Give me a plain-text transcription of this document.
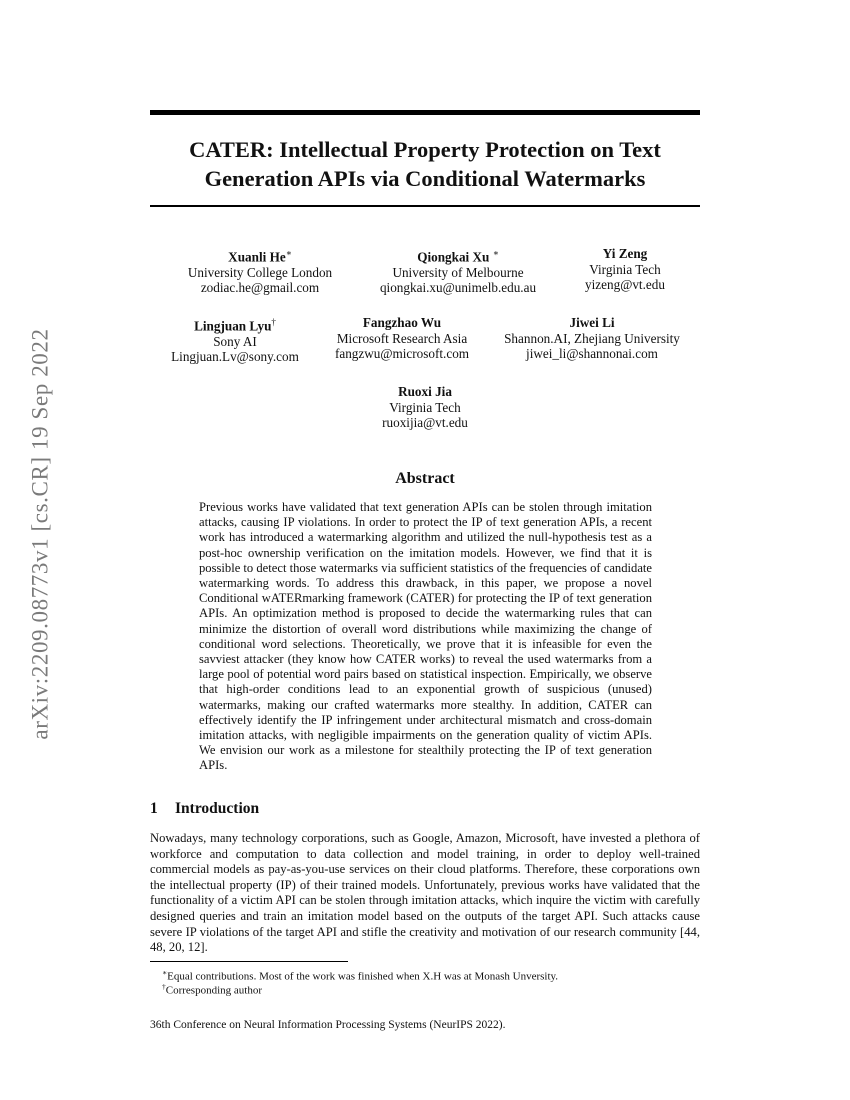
arXiv:2209.08773v1 [cs.CR] 19 Sep 2022
CATER: Intellectual Property Protection on Text Generation APIs via Conditional Watermarks
Xuanli He∗
University College London
zodiac.he@gmail.com
Qiongkai Xu ∗
University of Melbourne
qiongkai.xu@unimelb.edu.au
Yi Zeng
Virginia Tech
yizeng@vt.edu
Lingjuan Lyu†
Sony AI
Lingjuan.Lv@sony.com
Fangzhao Wu
Microsoft Research Asia
fangzwu@microsoft.com
Jiwei Li
Shannon.AI, Zhejiang University
jiwei_li@shannonai.com
Ruoxi Jia
Virginia Tech
ruoxijia@vt.edu
Abstract

Previous works have validated that text generation APIs can be stolen through imitation attacks, causing IP violations. In order to protect the IP of text generation APIs, a recent work has introduced a watermarking algorithm and utilized the null-hypothesis test as a post-hoc ownership verification on the imitation models. However, we find that it is possible to detect those watermarks via sufficient statistics of the frequencies of candidate watermarking words. To address this drawback, in this paper, we propose a novel Conditional wATERmarking framework (CATER) for protecting the IP of text generation APIs. An optimization method is proposed to decide the watermarking rules that can minimize the distortion of overall word distributions while maximizing the change of conditional word selections. Theoretically, we prove that it is infeasible for even the savviest attacker (they know how CATER works) to reveal the used watermarks from a large pool of potential word pairs based on statistical inspection. Empirically, we observe that high-order conditions lead to an exponential growth of suspicious (unused) watermarks, making our crafted watermarks more stealthy. In addition, CATER can effectively identify the IP infringement under architectural mismatch and cross-domain imitation attacks, with negligible impairments on the generation quality of victim APIs. We envision our work as a milestone for stealthily protecting the IP of text generation APIs.

1 Introduction

Nowadays, many technology corporations, such as Google, Amazon, Microsoft, have invested a plethora of workforce and computation to data collection and model training, in order to deploy well-trained commercial models as pay-as-you-use services on their cloud platforms. Therefore, these corporations own the intellectual property (IP) of their trained models. Unfortunately, previous works have validated that the functionality of a victim API can be stolen through imitation attacks, which inquire the victim with carefully designed queries and train an imitation model based on the outputs of the target API. Such attacks cause severe IP violations of the target API and stifle the creativity and motivation of our research community [44, 48, 20, 12].

∗Equal contributions. Most of the work was finished when X.H was at Monash Unversity.
†Corresponding author
36th Conference on Neural Information Processing Systems (NeurIPS 2022).
